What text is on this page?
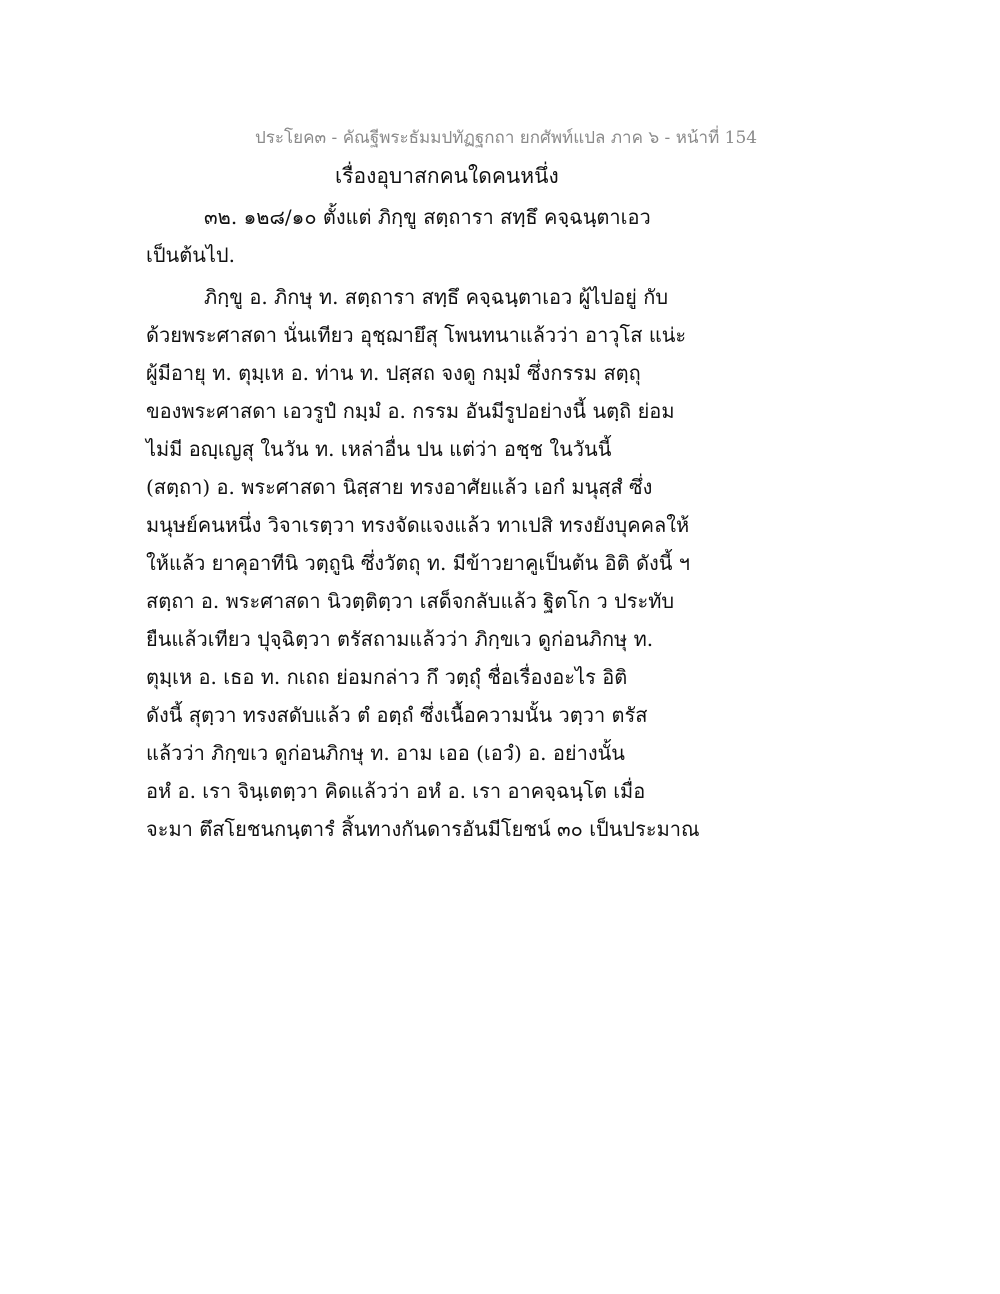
ประโยค๓ - คัณฐีพระธัมมปทัฏฐกถา ยกศัพท์แปล ภาค ๖ - หน้าที่ 154
เรื่องอุบาสกคนใดคนหนึ่ง
๓๒. ๑๒๘/๑๐ ตั้งแต่ ภิกฺขู สตฺถารา สทฺธึ คจฺฉนฺตาเอว
เป็นต้นไป.
ภิกฺขู อ. ภิกษุ ท. สตฺถารา สทฺธึ คจฺฉนฺตาเอว ผู้ไปอยู่ กับ
ด้วยพระศาสดา นั่นเทียว อุชฺฌายึสุ โพนทนาแล้วว่า อาวุโส แน่ะ
ผู้มีอายุ ท. ตุมฺเห อ. ท่าน ท. ปสฺสถ จงดู กมฺมํ ซึ่งกรรม สตฺถุ
ของพระศาสดา เอวรูปํ กมฺมํ อ. กรรม อันมีรูปอย่างนี้ นตฺถิ ย่อม
ไม่มี อญฺเญสุ ในวัน ท. เหล่าอื่น ปน แต่ว่า อชฺช ในวันนี้
(สตฺถา) อ. พระศาสดา นิสฺสาย ทรงอาศัยแล้ว เอกํ มนุสฺสํ ซึ่ง
มนุษย์คนหนึ่ง วิจาเรตฺวา ทรงจัดแจงแล้ว ทาเปสิ ทรงยังบุคคลให้
ให้แล้ว ยาคุอาทีนิ วตฺถูนิ ซึ่งวัตถุ ท. มีข้าวยาคูเป็นต้น อิติ ดังนี้ ฯ
สตฺถา อ. พระศาสดา นิวตฺติตฺวา เสด็จกลับแล้ว ฐิตโก ว ประทับ
ยืนแล้วเทียว ปุจฺฉิตฺวา ตรัสถามแล้วว่า ภิกฺขเว ดูก่อนภิกษุ ท.
ตุมฺเห อ. เธอ ท. กเถถ ย่อมกล่าว กึ วตฺถุํ ชื่อเรื่องอะไร อิติ
ดังนี้ สุตฺวา ทรงสดับแล้ว ตํ อตฺถํ ซึ่งเนื้อความนั้น วตฺวา ตรัส
แล้วว่า ภิกฺขเว ดูก่อนภิกษุ ท. อาม เออ (เอวํ) อ. อย่างนั้น
อหํ อ. เรา จินฺเตตฺวา คิดแล้วว่า อหํ อ. เรา อาคจฺฉนฺโต เมื่อ
จะมา ตึสโยชนกนฺตารํ สิ้นทางกันดารอันมีโยชน์ ๓๐ เป็นประมาณ
